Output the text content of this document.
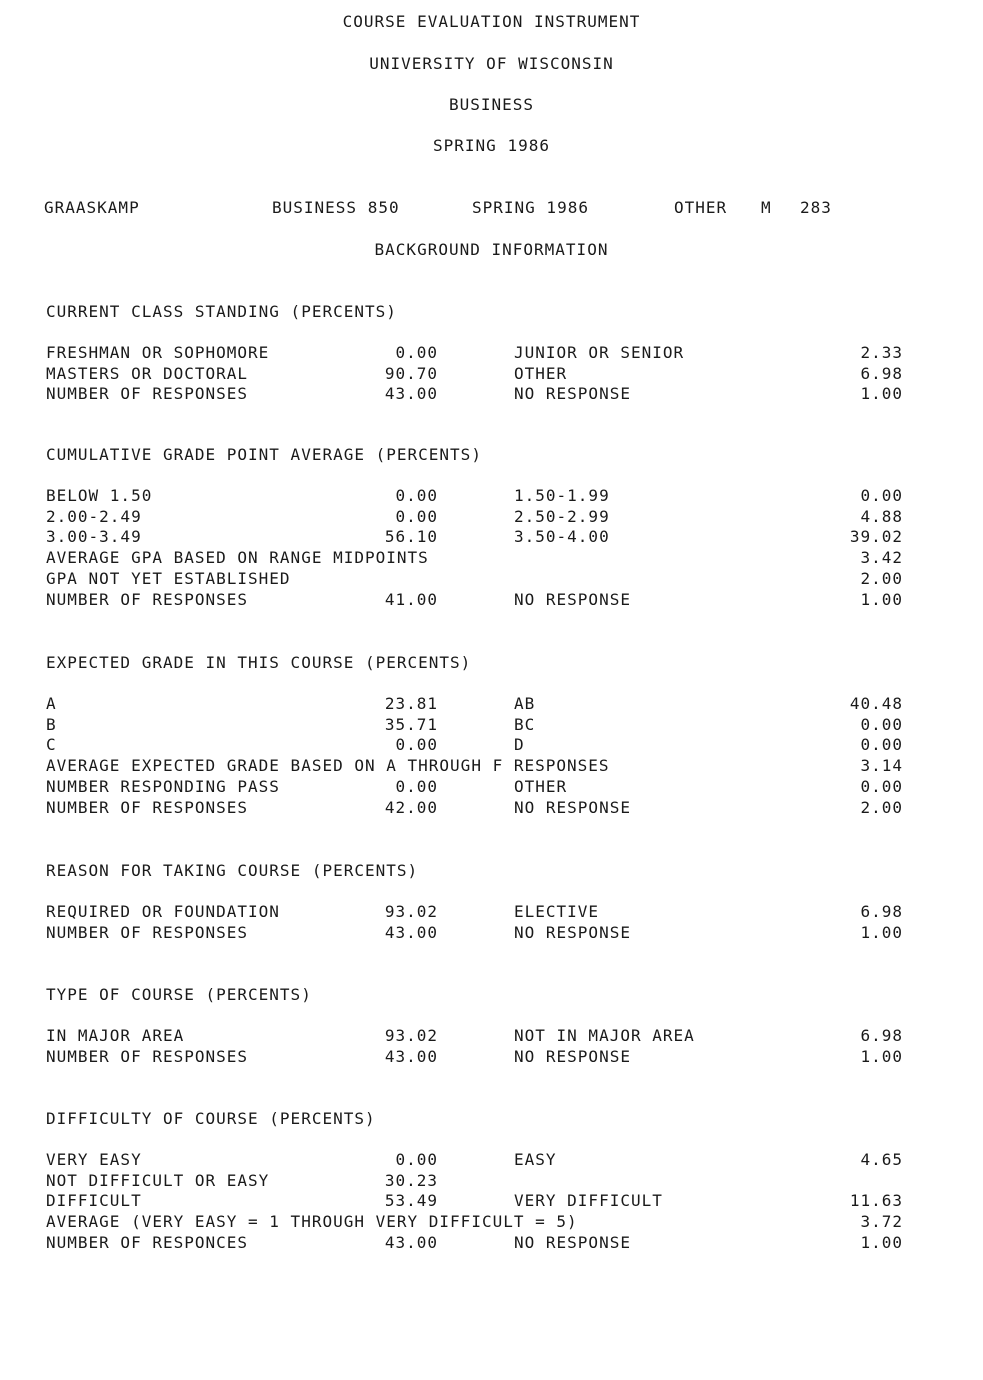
COURSE EVALUATION INSTRUMENT
UNIVERSITY OF WISCONSIN
BUSINESS
SPRING 1986
GRAASKAMP	BUSINESS 850	SPRING 1986	OTHER M 283
BACKGROUND INFORMATION
CURRENT CLASS STANDING (PERCENTS)
FRESHMAN OR SOPHOMORE	0.00	JUNIOR OR SENIOR	2.33
MASTERS OR DOCTORAL	90.70	OTHER	6.98
NUMBER OF RESPONSES	43.00	NO RESPONSE	1.00
CUMULATIVE GRADE POINT AVERAGE (PERCENTS)
BELOW 1.50	0.00	1.50-1.99	0.00
2.00-2.49	0.00	2.50-2.99	4.88
3.00-3.49	56.10	3.50-4.00	39.02
AVERAGE GPA BASED ON RANGE MIDPOINTS	3.42
GPA NOT YET ESTABLISHED	2.00
NUMBER OF RESPONSES	41.00	NO RESPONSE	1.00
EXPECTED GRADE IN THIS COURSE (PERCENTS)
A	23.81	AB	40.48
B	35.71	BC	0.00
C	0.00	D	0.00
AVERAGE EXPECTED GRADE BASED ON A THROUGH F RESPONSES	3.14
NUMBER RESPONDING PASS	0.00	OTHER	0.00
NUMBER OF RESPONSES	42.00	NO RESPONSE	2.00
REASON FOR TAKING COURSE (PERCENTS)
REQUIRED OR FOUNDATION	93.02	ELECTIVE	6.98
NUMBER OF RESPONSES	43.00	NO RESPONSE	1.00
TYPE OF COURSE (PERCENTS)
IN MAJOR AREA	93.02	NOT IN MAJOR AREA	6.98
NUMBER OF RESPONSES	43.00	NO RESPONSE	1.00
DIFFICULTY OF COURSE (PERCENTS)
VERY EASY	0.00	EASY	4.65
NOT DIFFICULT OR EASY	30.23
DIFFICULT	53.49	VERY DIFFICULT	11.63
AVERAGE (VERY EASY = 1 THROUGH VERY DIFFICULT = 5)	3.72
NUMBER OF RESPONCES	43.00	NO RESPONSE	1.00
